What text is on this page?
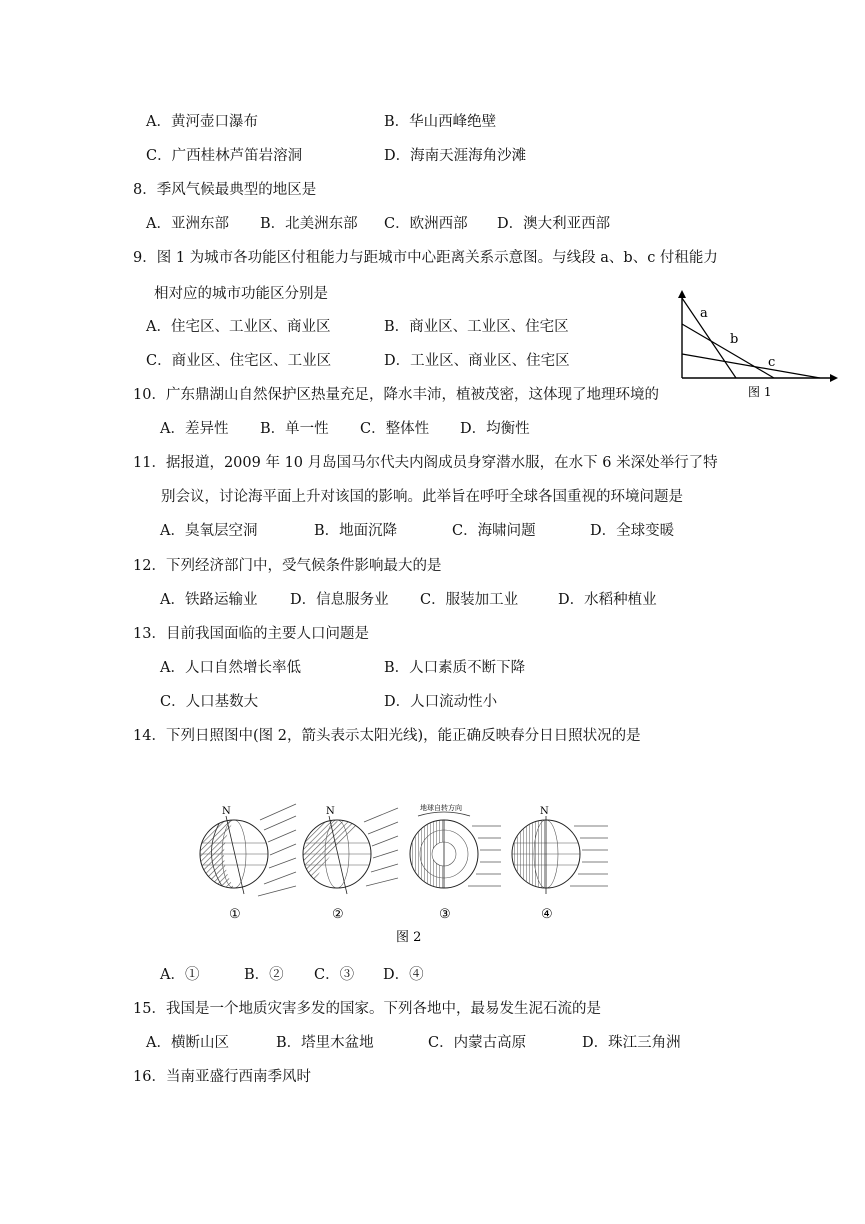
A．黄河壶口瀑布	B．华山西峰绝壁
C．广西桂林芦笛岩溶洞	D．海南天涯海角沙滩
8．季风气候最典型的地区是
A．亚洲东部 B．北美洲东部 C．欧洲西部 D．澳大利亚西部
9．图 1 为城市各功能区付租能力与距城市中心距离关系示意图。与线段 a、b、c 付租能力
相对应的城市功能区分别是
A．住宅区、工业区、商业区	B．商业区、工业区、住宅区
C．商业区、住宅区、工业区	D．工业区、商业区、住宅区
a
b
c
图 1
10．广东鼎湖山自然保护区热量充足，降水丰沛，植被茂密，这体现了地理环境的
A．差异性 B．单一性 C．整体性 D．均衡性
11．据报道，2009 年 10 月岛国马尔代夫内阁成员身穿潜水服，在水下 6 米深处举行了特
别会议，讨论海平面上升对该国的影响。此举旨在呼吁全球各国重视的环境问题是
A．臭氧层空洞	B．地面沉降	C．海啸问题	D．全球变暖
12．下列经济部门中，受气候条件影响最大的是
A．铁路运输业 D．信息服务业 C．服装加工业	D．水稻种植业
13．目前我国面临的主要人口问题是
A．人口自然增长率低	B．人口素质不断下降
C．人口基数大	D．人口流动性小
14．下列日照图中(图 2，箭头表示太阳光线)，能正确反映春分日日照状况的是
N
①
N
②
地球自转方向
③
N
④
图 2
A．①	B．② C．③ D．④
15．我国是一个地质灾害多发的国家。下列各地中，最易发生泥石流的是
A．横断山区	B．塔里木盆地	C．内蒙古高原	D．珠江三角洲
16．当南亚盛行西南季风时
